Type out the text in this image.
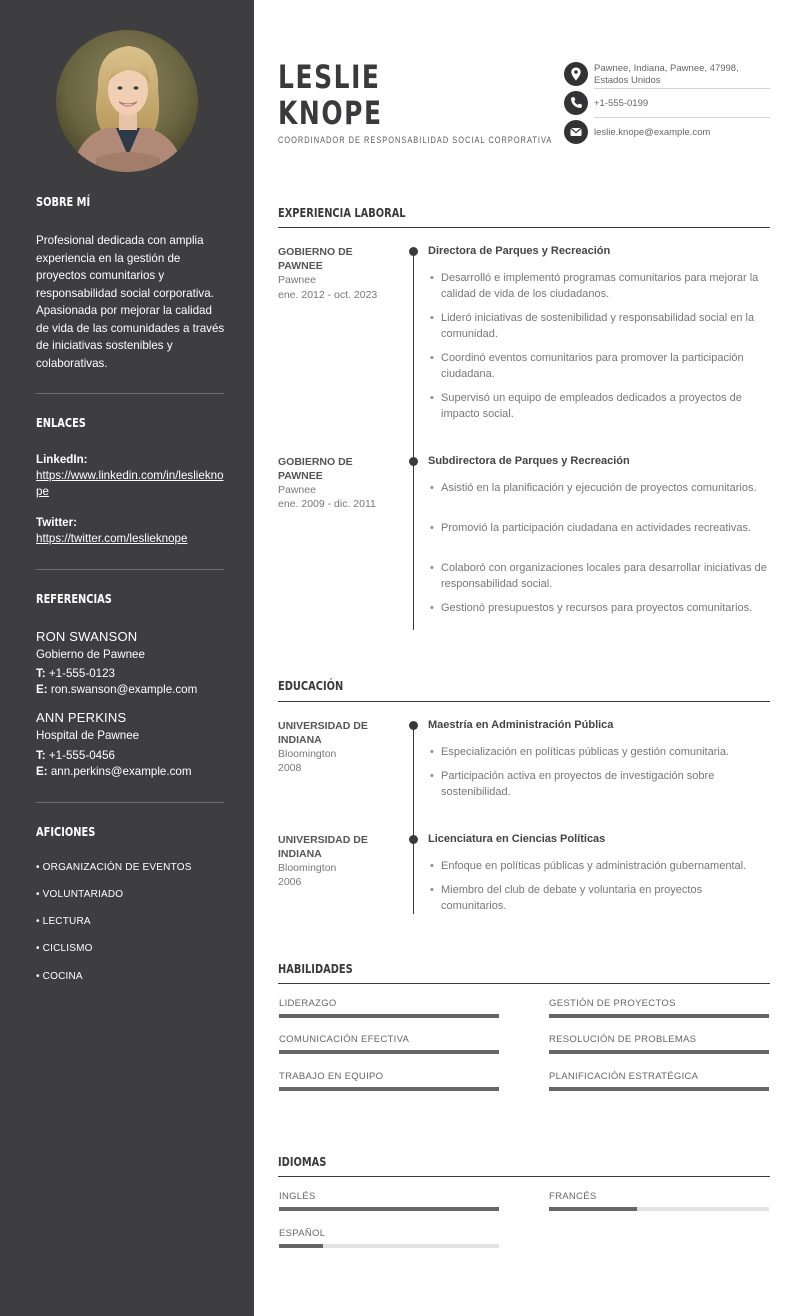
SOBRE MÍ
Profesional dedicada con amplia experiencia en la gestión de proyectos comunitarios y responsabilidad social corporativa. Apasionada por mejorar la calidad de vida de las comunidades a través de iniciativas sostenibles y colaborativas.
ENLACES
LinkedIn:
https://www.linkedin.com/in/leslieknope
Twitter:
https://twitter.com/leslieknope
REFERENCIAS
RON SWANSON
Gobierno de Pawnee
T: +1-555-0123
E: ron.swanson@example.com
ANN PERKINS
Hospital de Pawnee
T: +1-555-0456
E: ann.perkins@example.com
AFICIONES
• ORGANIZACIÓN DE EVENTOS
• VOLUNTARIADO
• LECTURA
• CICLISMO
• COCINA
LESLIE
KNOPE
COORDINADOR DE RESPONSABILIDAD SOCIAL CORPORATIVA
Pawnee, Indiana, Pawnee, 47998,
Estados Unidos
+1-555-0199
leslie.knope@example.com
EXPERIENCIA LABORAL
GOBIERNO DE PAWNEE
Pawnee
ene. 2012 - oct. 2023
Directora de Parques y Recreación
• Desarrolló e implementó programas comunitarios para mejorar la calidad de vida de los ciudadanos.
• Lideró iniciativas de sostenibilidad y responsabilidad social en la comunidad.
• Coordinó eventos comunitarios para promover la participación ciudadana.
• Supervisó un equipo de empleados dedicados a proyectos de impacto social.
GOBIERNO DE PAWNEE
Pawnee
ene. 2009 - dic. 2011
Subdirectora de Parques y Recreación
• Asistió en la planificación y ejecución de proyectos comunitarios.
• Promovió la participación ciudadana en actividades recreativas.
• Colaboró con organizaciones locales para desarrollar iniciativas de responsabilidad social.
• Gestionó presupuestos y recursos para proyectos comunitarios.
EDUCACIÓN
UNIVERSIDAD DE INDIANA
Bloomington
2008
Maestría en Administración Pública
• Especialización en políticas públicas y gestión comunitaria.
• Participación activa en proyectos de investigación sobre sostenibilidad.
UNIVERSIDAD DE INDIANA
Bloomington
2006
Licenciatura en Ciencias Políticas
• Enfoque en políticas públicas y administración gubernamental.
• Miembro del club de debate y voluntaria en proyectos comunitarios.
HABILIDADES
LIDERAZGO	GESTIÓN DE PROYECTOS
COMUNICACIÓN EFECTIVA	RESOLUCIÓN DE PROBLEMAS
TRABAJO EN EQUIPO	PLANIFICACIÓN ESTRATÉGICA
IDIOMAS
INGLÉS	FRANCÉS
ESPAÑOL
